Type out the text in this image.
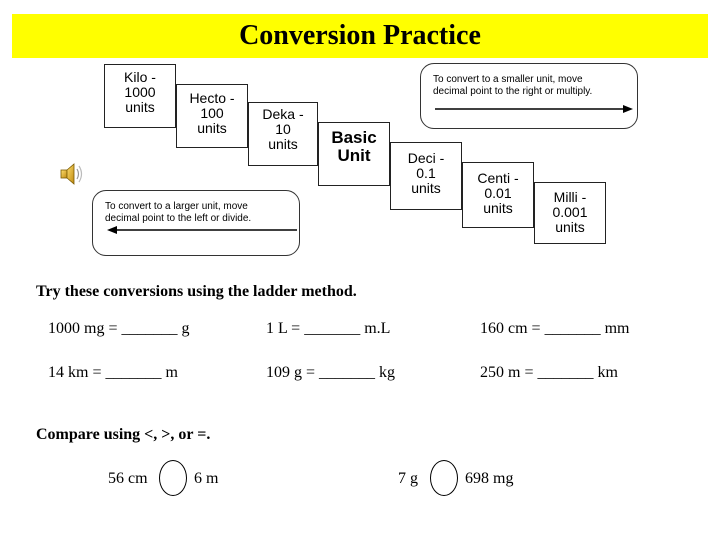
Conversion Practice

To convert to a smaller unit, move

decimal point to the right or multiply.

To convert to a larger unit, move

decimal point to the left or divide.

Kilo -
1000
units
Hecto -
100
units
Deka -
10
units	Basic
Unit	Deci -
0.1
units
Centi -
0.01
units
Milli -
0.001
units
Try these conversions using the ladder method.
1000 mg = _______ g	1 L = _______ m.L	160 cm = _______ mm
14 km = _______ m	109 g = _______ kg	250 m = _______ km
Compare using <, >, or =.
56 cm	6 m	7 g	698 mg
